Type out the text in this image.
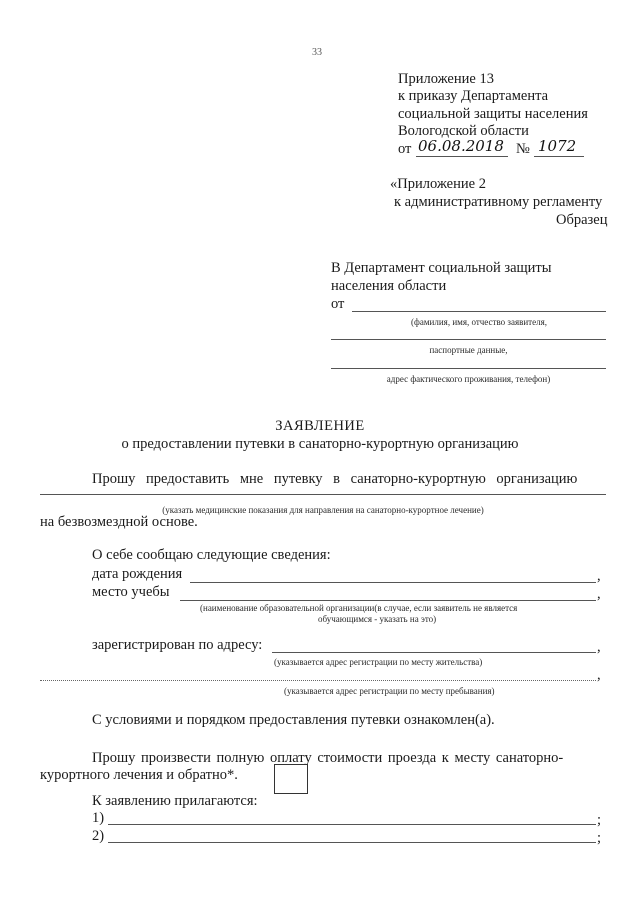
33
Приложение 13
к приказу Департамента
социальной защиты населения
Вологодской области
от 06.08.2018 № 1072
«Приложение 2
к административному регламенту
Образец
В Департамент социальной защиты
населения области
от
(фамилия, имя, отчество заявителя,
паспортные данные,
адрес фактического проживания, телефон)
ЗАЯВЛЕНИЕ
о предоставлении путевки в санаторно-курортную организацию
Прошу предоставить мне путевку в санаторно-курортную организацию
(указать медицинские показания для направления на санаторно-курортное лечение)
на безвозмездной основе.
О себе сообщаю следующие сведения:
дата рождения	,
место учебы	,
(наименование образовательной организации(в случае, если заявитель не является
обучающимся - указать на это)
зарегистрирован по адресу:	,
(указывается адрес регистрации по месту жительства)
,
(указывается адрес регистрации по месту пребывания)
С условиями и порядком предоставления путевки ознакомлен(а).
Прошу произвести полную оплату стоимости проезда к месту санаторно-
курортного лечения и обратно*.
К заявлению прилагаются:
1)	;
2)	;
